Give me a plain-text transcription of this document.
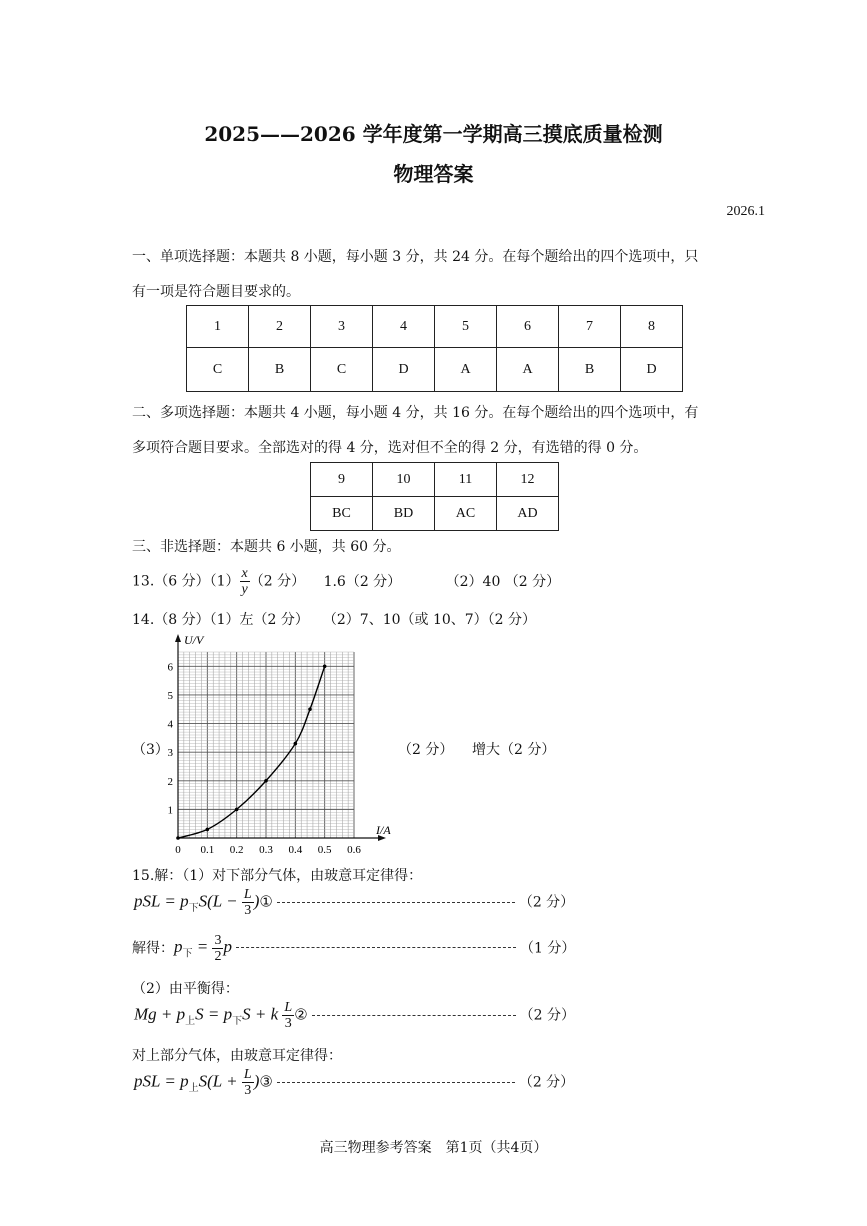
2025——2026 学年度第一学期高三摸底质量检测
物理答案
2026.1
一、单项选择题：本题共 8 小题，每小题 3 分，共 24 分。在每个题给出的四个选项中，只
有一项是符合题目要求的。
1	2	3	4	5	6	7	8
C	B	C	D	A	A	B	D
二、多项选择题：本题共 4 小题，每小题 4 分，共 16 分。在每个题给出的四个选项中，有
多项符合题目要求。全部选对的得 4 分，选对但不全的得 2 分，有选错的得 0 分。
9	10	11	12
BC	BD	AC	AD
三、非选择题：本题共 6 小题，共 60 分。
13.（6 分）$(1) \frac{x}{y} (2$ 分） 1.6（2 分）	（2）40 （2 分）
14.（8 分）（1）左（2 分）　　（2）7、10（或 10、7）（2 分）
（3）	（2 分） 增大（2 分）
I/A
U/V
0 0.1 0.2 0.3 0.4 0.5 0.6
1
2
3
4
5
6
15.解：（1）对下部分气体，由玻意耳定律得：
pSL = $p_下S(L - \frac{L}{3}$ )①	（2 分）
解得：$p_下 = \frac{3}{2}$ p	（1 分）
（2）由平衡得：
$Mg + p_上S = p_下S + k \frac{L}{3}$ ②	（2 分）
对上部分气体，由玻意耳定律得：
pSL = $p_上S(L + \frac{L}{3}$ )③	（2 分）
高三物理参考答案　第1页（共4页）
